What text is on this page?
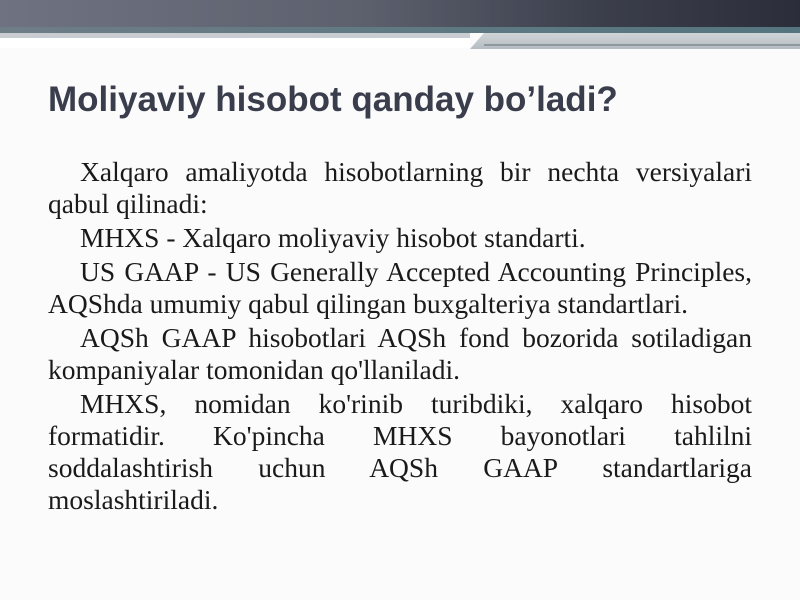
Moliyaviy hisobot qanday bo’ladi?

Xalqaro amaliyotda hisobotlarning bir nechta versiyalari qabul qilinadi:

MHXS - Xalqaro moliyaviy hisobot standarti.

US GAAP - US Generally Accepted Accounting Principles, AQShda umumiy qabul qilingan buxgalteriya standartlari.

AQSh GAAP hisobotlari AQSh fond bozorida sotiladigan kompaniyalar tomonidan qo'llaniladi.

MHXS, nomidan ko'rinib turibdiki, xalqaro hisobot formatidir. Ko'pincha MHXS bayonotlari tahlilni soddalashtirish uchun AQSh GAAP standartlariga moslashtiriladi.
